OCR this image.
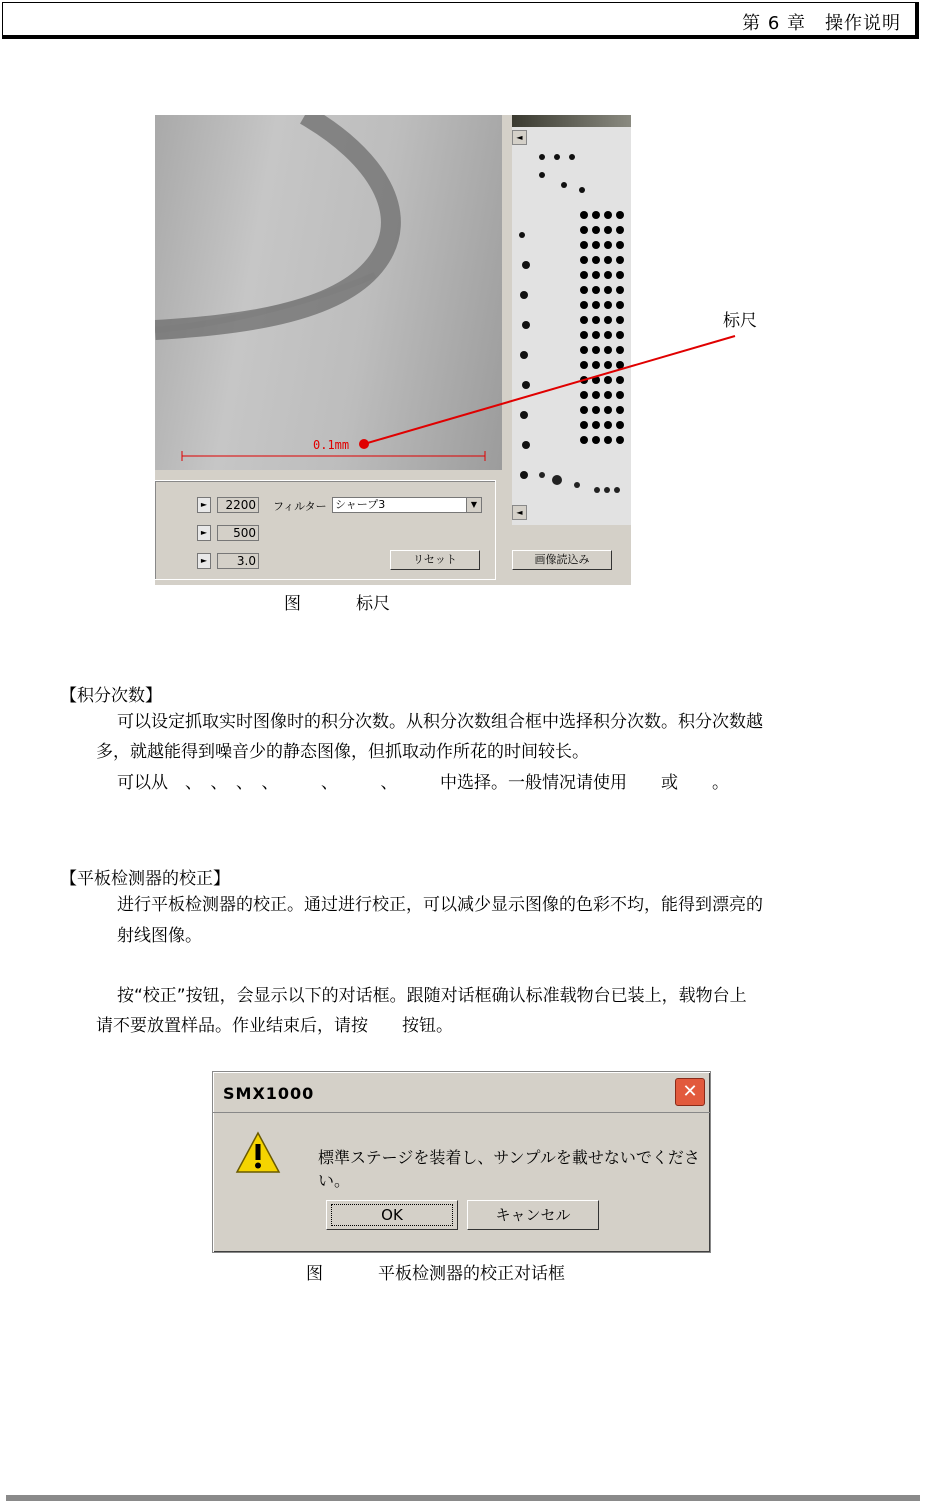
第 6 章　操作说明
0.1mm
◄
◄
►	2200 フィルター シャープ3	▼
►	500
►	3.0	リセット	画像読込み
标尺
图	标尺
【积分次数】
可以设定抓取实时图像时的积分次数。从积分次数组合框中选择积分次数。积分次数越
多，就越能得到噪音少的静态图像，但抓取动作所花的时间较长。
可以从　、　、　、　、　　　、　　　、　　　中选择。一般情况请使用　　或　　。
【平板检测器的校正】
进行平板检测器的校正。通过进行校正，可以减少显示图像的色彩不均，能得到漂亮的
射线图像。
按“校正”按钮，会显示以下的对话框。跟随对话框确认标准载物台已装上，载物台上
请不要放置样品。作业结束后，请按　　按钮。
SMX1000	✕
標準ステージを装着し、サンプルを載せないでください。
OK	キャンセル
图	平板检测器的校正对话框
